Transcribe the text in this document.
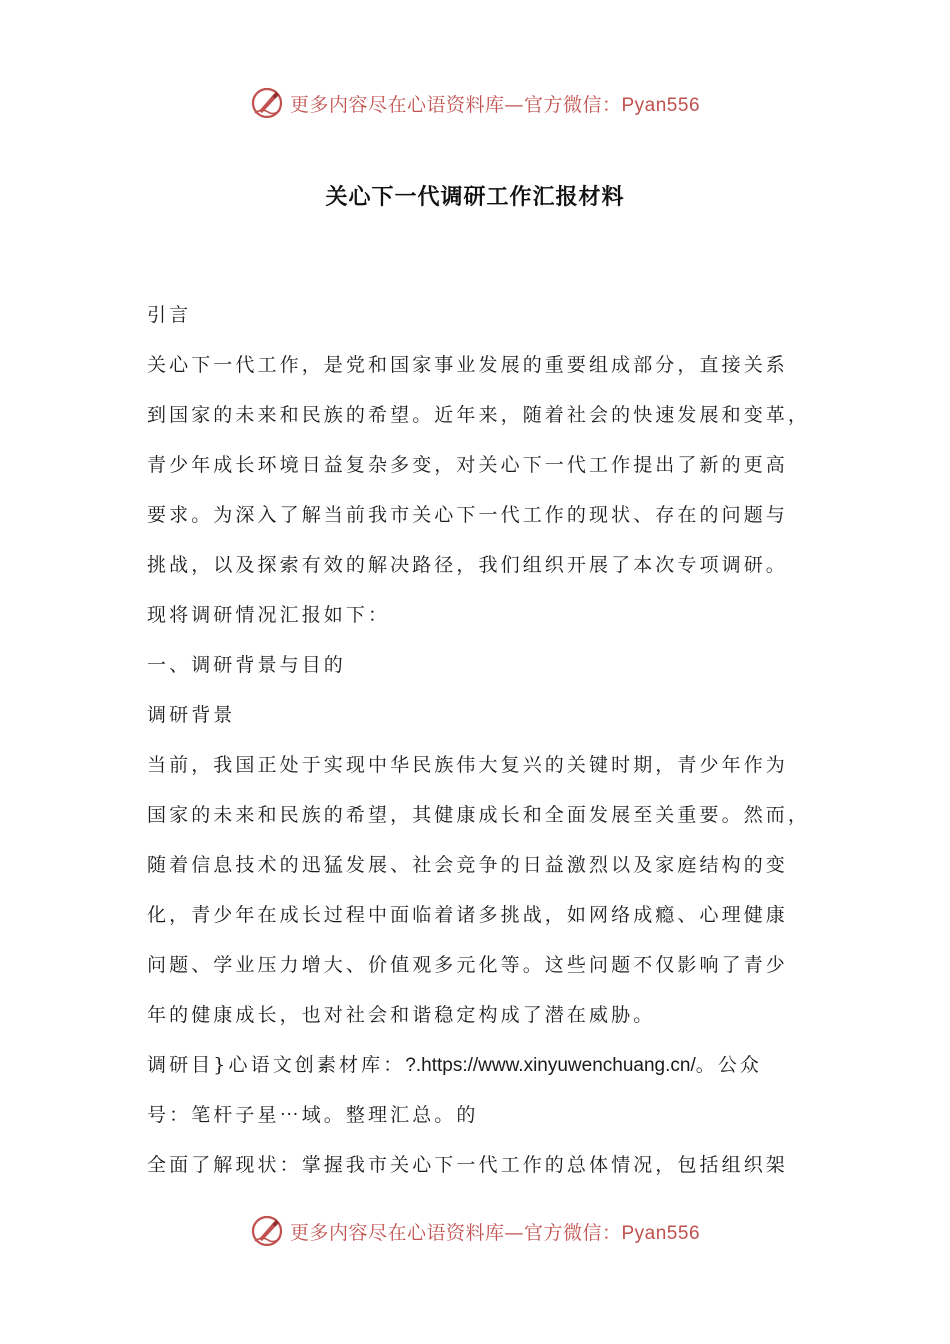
更多内容尽在心语资料库—官方微信：Pyan556
关心下一代调研工作汇报材料
引言
关心下一代工作，是党和国家事业发展的重要组成部分，直接关系
到国家的未来和民族的希望。近年来，随着社会的快速发展和变革，
青少年成长环境日益复杂多变，对关心下一代工作提出了新的更高
要求。为深入了解当前我市关心下一代工作的现状、存在的问题与
挑战，以及探索有效的解决路径，我们组织开展了本次专项调研。
现将调研情况汇报如下：
一、调研背景与目的
调研背景
当前，我国正处于实现中华民族伟大复兴的关键时期，青少年作为
国家的未来和民族的希望，其健康成长和全面发展至关重要。然而，
随着信息技术的迅猛发展、社会竞争的日益激烈以及家庭结构的变
化，青少年在成长过程中面临着诸多挑战，如网络成瘾、心理健康
问题、学业压力增大、价值观多元化等。这些问题不仅影响了青少
年的健康成长，也对社会和谐稳定构成了潜在威胁。
调研目}心语文创素材库：?.https://www.xinyuwenchuang.cn/。公众
号：笔杆子星⋯域。整理汇总。的
全面了解现状：掌握我市关心下一代工作的总体情况，包括组织架
更多内容尽在心语资料库—官方微信：Pyan556
